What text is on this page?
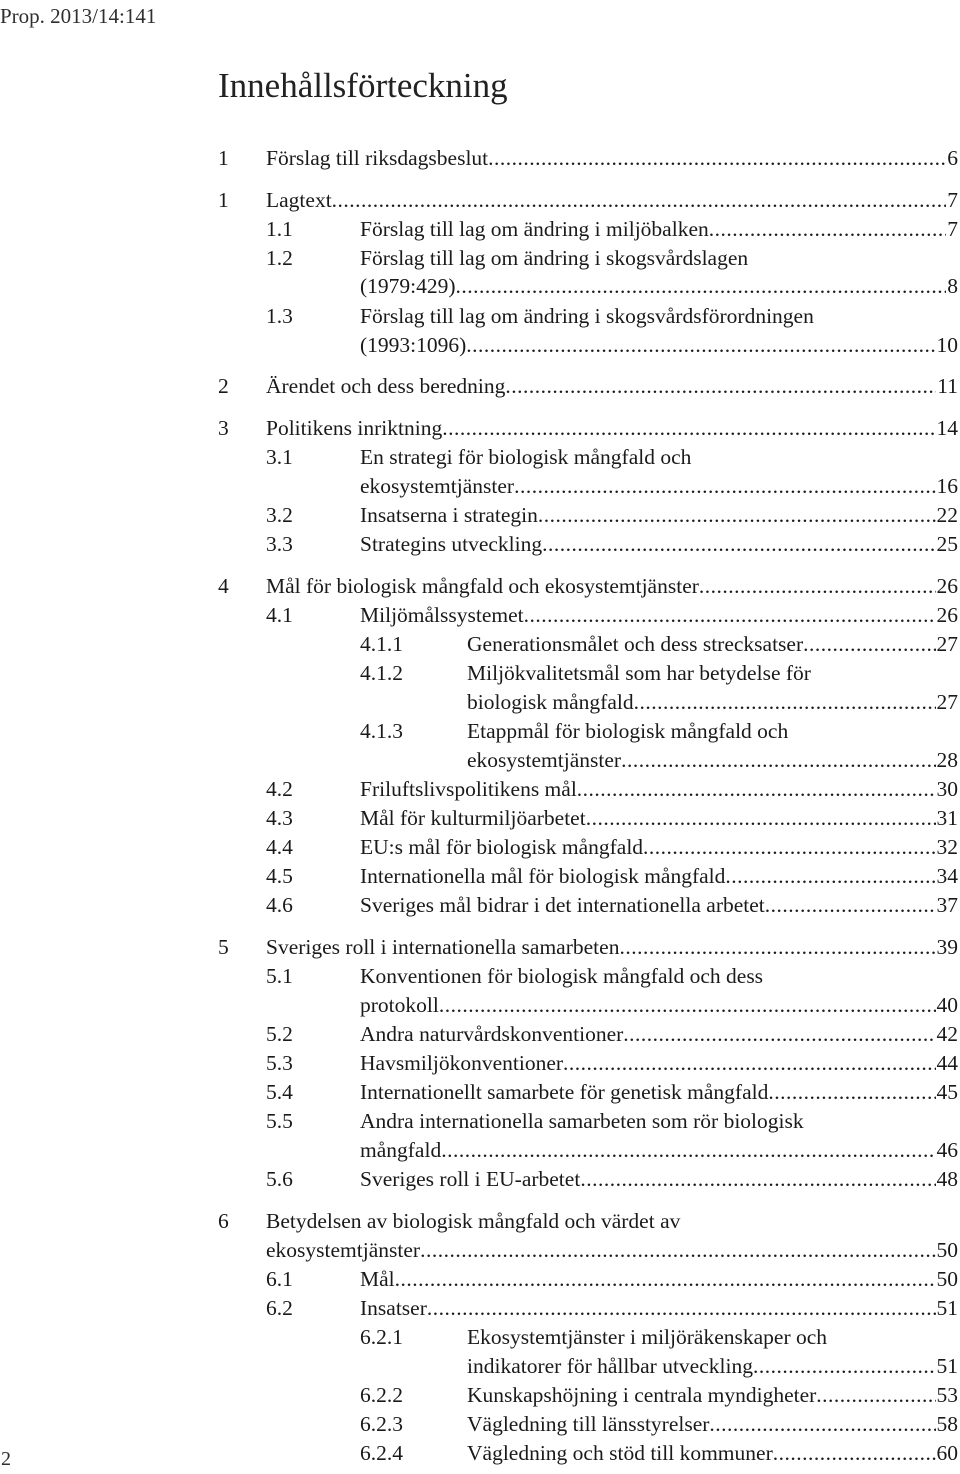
Prop. 2013/14:141
Innehållsförteckning
1 Förslag till riksdagsbeslut .....	6
1 Lagtext .....	7
1.1	Förslag till lag om ändring i miljöbalken .....	7
1.2	Förslag till lag om ändring i skogsvårdslagen
(1979:429) .....	8
1.3	Förslag till lag om ändring i skogsvårdsförordningen
(1993:1096) .....	10
2 Ärendet och dess beredning .....	11
3 Politikens inriktning .....	14
3.1	En strategi för biologisk mångfald och
ekosystemtjänster .....	16
3.2	Insatserna i strategin .....	22
3.3	Strategins utveckling .....	25
4 Mål för biologisk mångfald och ekosystemtjänster .....	26
4.1	Miljömålssystemet .....	26
4.1.1	Generationsmålet och dess strecksatser .....	27
4.1.2	Miljökvalitetsmål som har betydelse för
biologisk mångfald .....	27
4.1.3	Etappmål för biologisk mångfald och
ekosystemtjänster .....	28
4.2	Friluftslivspolitikens mål .....	30
4.3	Mål för kulturmiljöarbetet .....	31
4.4	EU:s mål för biologisk mångfald .....	32
4.5	Internationella mål för biologisk mångfald .....	34
4.6	Sveriges mål bidrar i det internationella arbetet .....	37
5 Sveriges roll i internationella samarbeten .....	39
5.1	Konventionen för biologisk mångfald och dess
protokoll .....	40
5.2	Andra naturvårdskonventioner .....	42
5.3	Havsmiljökonventioner .....	44
5.4	Internationellt samarbete för genetisk mångfald .....	45
5.5	Andra internationella samarbeten som rör biologisk
mångfald .....	46
5.6	Sveriges roll i EU-arbetet .....	48
6 Betydelsen av biologisk mångfald och värdet av
ekosystemtjänster .....	50
6.1	Mål .....	50
6.2	Insatser .....	51
6.2.1	Ekosystemtjänster i miljöräkenskaper och
indikatorer för hållbar utveckling .....	51
6.2.2	Kunskapshöjning i centrala myndigheter .....	53
6.2.3	Vägledning till länsstyrelser .....	58
6.2.4	Vägledning och stöd till kommuner .....	60
2
